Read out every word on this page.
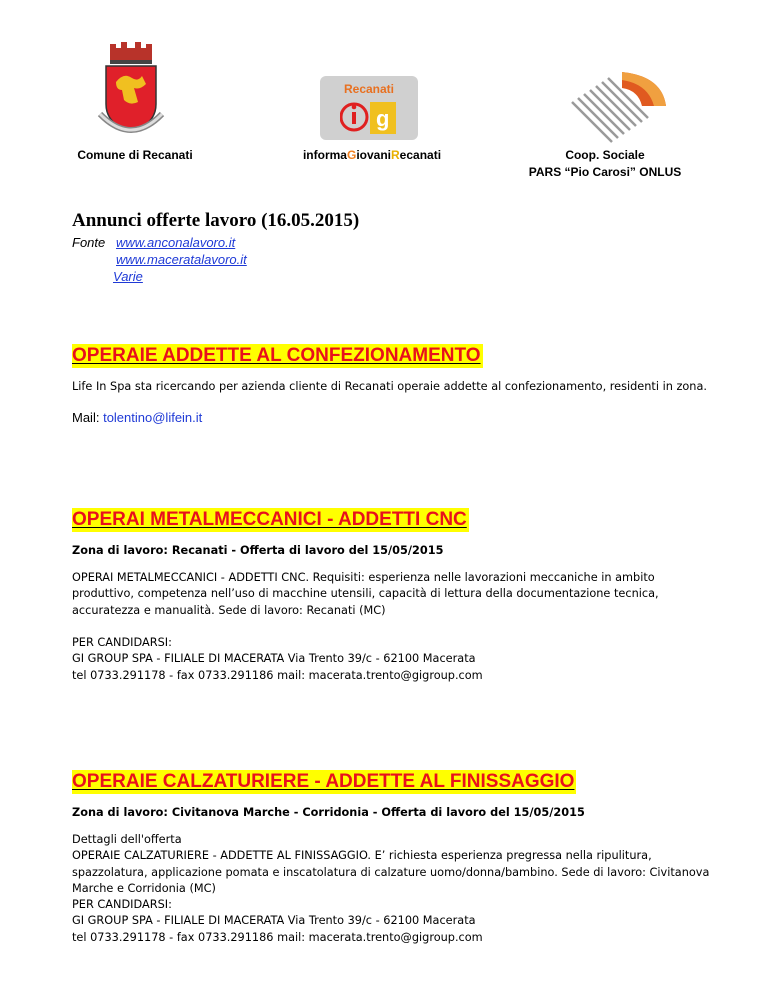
Recanati
g
Comune di Recanati	informaGiovaniRecanati	Coop. Sociale
PARS “Pio Carosi” ONLUS
Annunci offerte lavoro (16.05.2015)
Fonte www.anconalavoro.it
www.maceratalavoro.it
Varie
OPERAIE ADDETTE AL CONFEZIONAMENTO
Life In Spa sta ricercando per azienda cliente di Recanati operaie addette al confezionamento, residenti in zona.
Mail: tolentino@lifein.it
OPERAI METALMECCANICI - ADDETTI CNC
Zona di lavoro: Recanati - Offerta di lavoro del 15/05/2015
OPERAI METALMECCANICI - ADDETTI CNC. Requisiti: esperienza nelle lavorazioni meccaniche in ambito produttivo, competenza nell’uso di macchine utensili, capacità di lettura della documentazione tecnica, accuratezza e manualità. Sede di lavoro: Recanati (MC)
PER CANDIDARSI:
GI GROUP SPA - FILIALE DI MACERATA Via Trento 39/c - 62100 Macerata
tel 0733.291178 - fax 0733.291186 mail: macerata.trento@gigroup.com
OPERAIE CALZATURIERE - ADDETTE AL FINISSAGGIO
Zona di lavoro: Civitanova Marche - Corridonia - Offerta di lavoro del 15/05/2015
Dettagli dell'offerta
OPERAIE CALZATURIERE - ADDETTE AL FINISSAGGIO. E’ richiesta esperienza pregressa nella ripulitura, spazzolatura, applicazione pomata e inscatolatura di calzature uomo/donna/bambino. Sede di lavoro: Civitanova Marche e Corridonia (MC)
PER CANDIDARSI:
GI GROUP SPA - FILIALE DI MACERATA Via Trento 39/c - 62100 Macerata
tel 0733.291178 - fax 0733.291186 mail: macerata.trento@gigroup.com
